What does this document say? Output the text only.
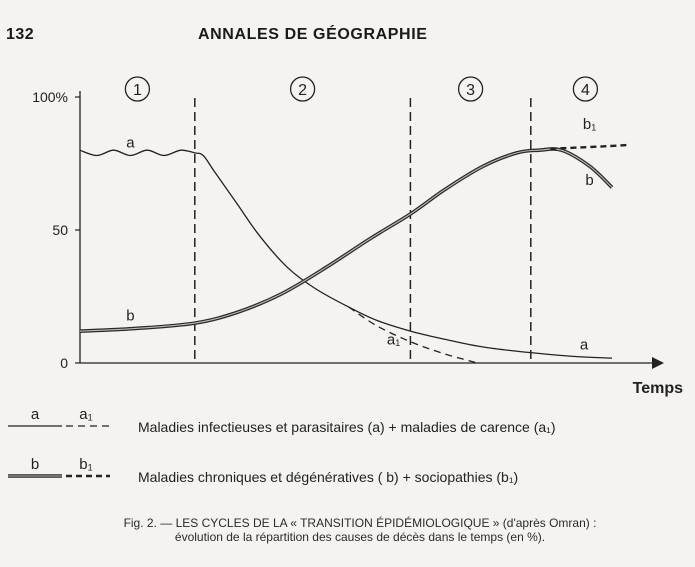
132	ANNALES DE GÉOGRAPHIE
0
50
100%
Temps
1	2	3	4
a
b
a₁	a
b₁
b
a	a₁
Maladies infectieuses et parasitaires (a) + maladies de carence (a₁)
b	b₁
Maladies chroniques et dégénératives ( b) + sociopathies (b₁)
Fig. 2. — LES CYCLES DE LA « TRANSITION ÉPIDÉMIOLOGIQUE » (d'après Omran) :
évolution de la répartition des causes de décès dans le temps (en %).
